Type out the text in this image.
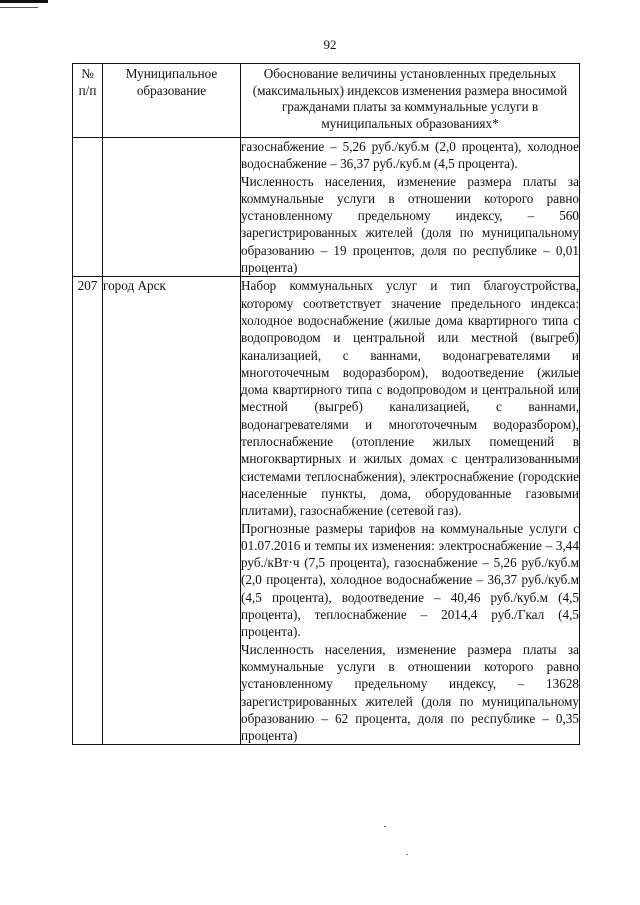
92
№ п/п	Муниципальное образование	Обоснование величины установленных предельных (максимальных) индексов изменения размера вносимой гражданами платы за коммунальные услуги в муниципальных образованиях*

		газоснабжение – 5,26 руб./куб.м (2,0 процента), холодное водоснабжение – 36,37 руб./куб.м (4,5 процента).

Численность населения, изменение размера платы за коммунальные услуги в отношении которого равно установленному предельному индексу, – 560 зарегистрированных жителей (доля по муниципальному образованию – 19 процентов, доля по республике – 0,01 процента)

207	город Арск	Набор коммунальных услуг и тип благоустройства, которому соответствует значение предельного индекса: холодное водоснабжение (жилые дома квартирного типа с водопроводом и центральной или местной (выгреб) канализацией, с ваннами, водонагревателями и многоточечным водоразбором), водоотведение (жилые дома квартирного типа с водопроводом и центральной или местной (выгреб) канализацией, с ваннами, водонагревателями и многоточечным водоразбором), теплоснабжение (отопление жилых помещений в многоквартирных и жилых домах с централизованными системами теплоснабжения), электроснабжение (городские населенные пункты, дома, оборудованные газовыми плитами), газоснабжение (сетевой газ).

Прогнозные размеры тарифов на коммунальные услуги с 01.07.2016 и темпы их изменения: электроснабжение – 3,44 руб./кВт·ч (7,5 процента), газоснабжение – 5,26 руб./куб.м (2,0 процента), холодное водоснабжение – 36,37 руб./куб.м (4,5 процента), водоотведение – 40,46 руб./куб.м (4,5 процента), теплоснабжение – 2014,4 руб./Гкал (4,5 процента).

Численность населения, изменение размера платы за коммунальные услуги в отношении которого равно установленному предельному индексу, – 13628 зарегистрированных жителей (доля по муниципальному образованию – 62 процента, доля по республике – 0,35 процента)
